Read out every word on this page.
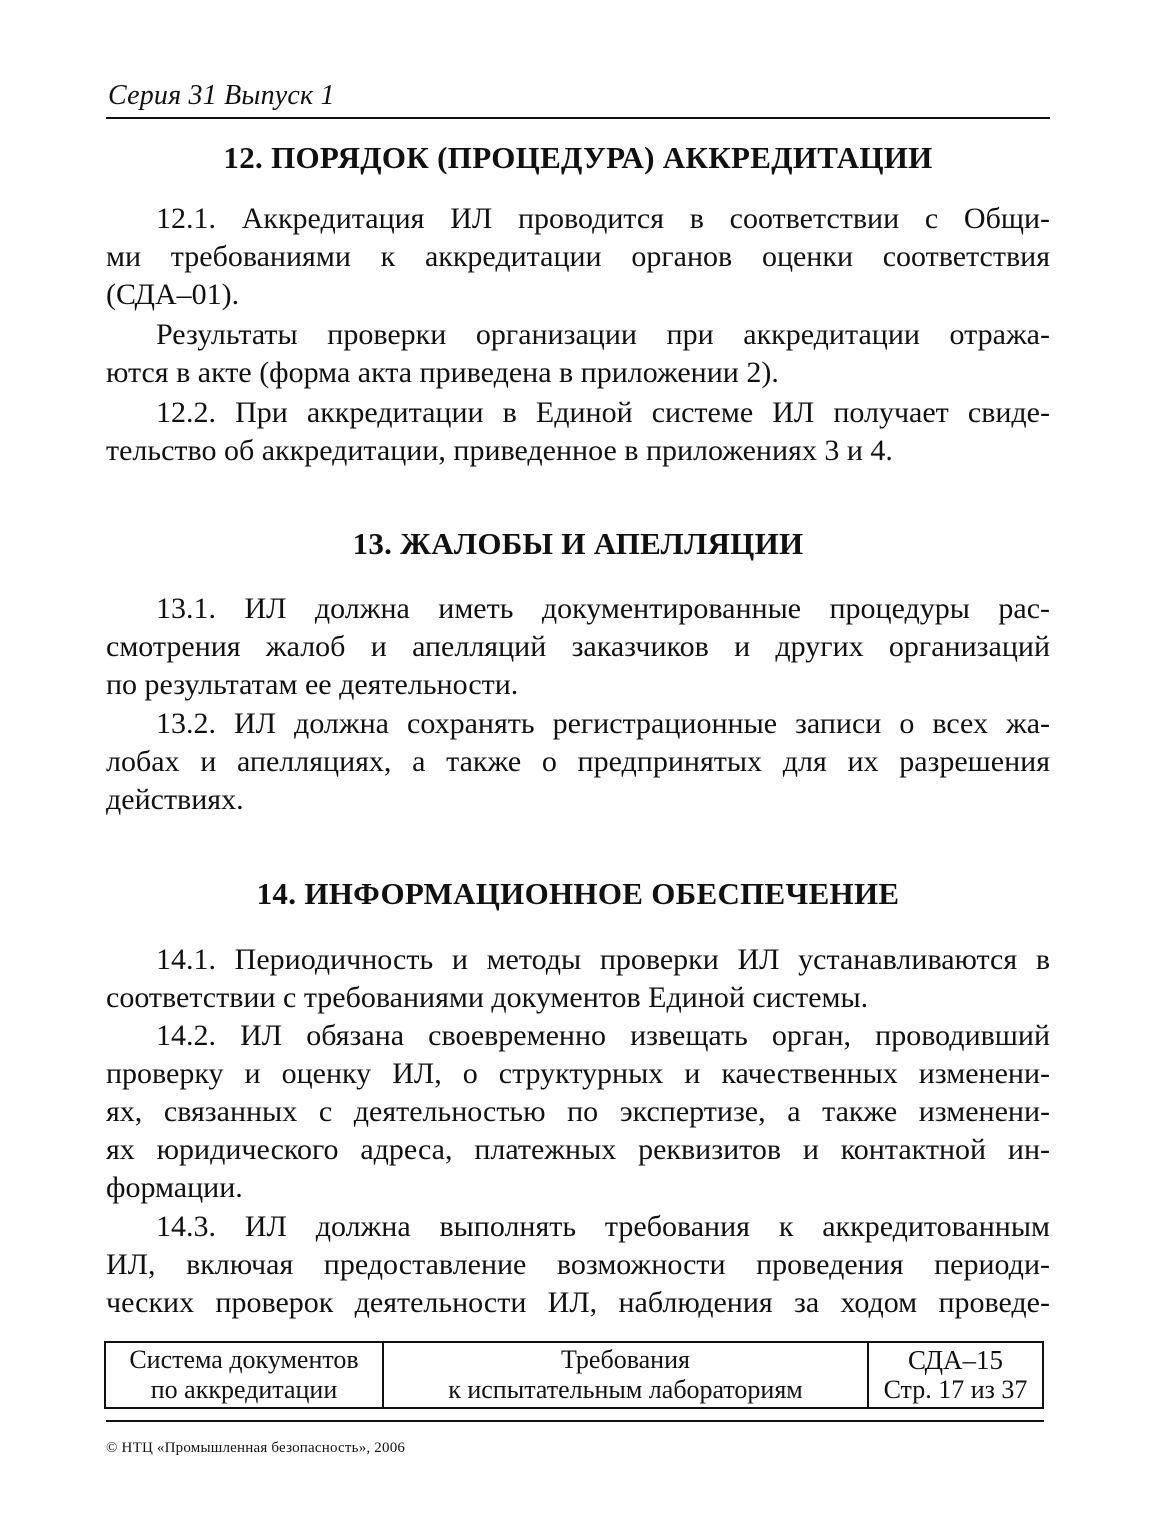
Серия 31 Выпуск 1
12. ПОРЯДОК (ПРОЦЕДУРА) АККРЕДИТАЦИИ
12.1. Аккредитация ИЛ проводится в соответствии с Общи-
ми требованиями к аккредитации органов оценки соответствия
(СДА–01).
Результаты проверки организации при аккредитации отража-
ются в акте (форма акта приведена в приложении 2).
12.2. При аккредитации в Единой системе ИЛ получает свиде-
тельство об аккредитации, приведенное в приложениях 3 и 4.
13. ЖАЛОБЫ И АПЕЛЛЯЦИИ
13.1. ИЛ должна иметь документированные процедуры рас-
смотрения жалоб и апелляций заказчиков и других организаций
по результатам ее деятельности.
13.2. ИЛ должна сохранять регистрационные записи о всех жа-
лобах и апелляциях, а также о предпринятых для их разрешения
действиях.
14. ИНФОРМАЦИОННОЕ ОБЕСПЕЧЕНИЕ
14.1. Периодичность и методы проверки ИЛ устанавливаются в
соответствии с требованиями документов Единой системы.
14.2. ИЛ обязана своевременно извещать орган, проводивший
проверку и оценку ИЛ, о структурных и качественных изменени-
ях, связанных с деятельностью по экспертизе, а также изменени-
ях юридического адреса, платежных реквизитов и контактной ин-
формации.
14.3. ИЛ должна выполнять требования к аккредитованным
ИЛ, включая предоставление возможности проведения периоди-
ческих проверок деятельности ИЛ, наблюдения за ходом проведе-
Система документов
по аккредитации
Требования
к испытательным лабораториям
СДА–15
Стр. 17 из 37
© НТЦ «Промышленная безопасность», 2006
